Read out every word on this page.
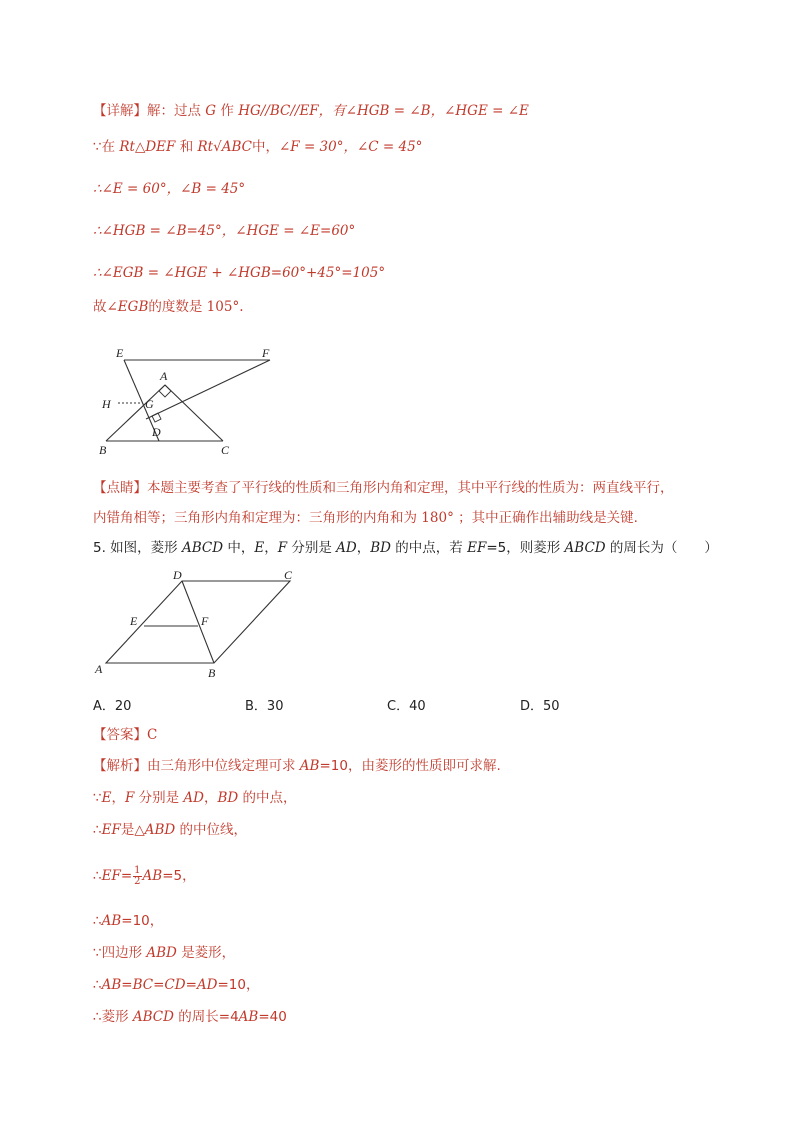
【详解】解：过点 G 作 HG//BC//EF，有∠HGB = ∠B，∠HGE = ∠E
∵在 Rt△DEF 和 Rt√ABC中，∠F = 30°，∠C = 45°
∴∠E = 60°，∠B = 45°
∴∠HGB = ∠B=45°，∠HGE = ∠E=60°
∴∠EGB = ∠HGE + ∠HGB=60°+45°=105°
故∠EGB的度数是 105°.
E	F
A
H	G
D
B	C
【点睛】本题主要考查了平行线的性质和三角形内角和定理，其中平行线的性质为：两直线平行，
内错角相等；三角形内角和定理为：三角形的内角和为 180° ；其中正确作出辅助线是关键.
5. 如图，菱形 ABCD 中，E，F 分别是 AD，BD 的中点，若 EF=5，则菱形 ABCD 的周长为（　　）
D	C
E	F
A	B
A．20	B．30	C．40	D．50
【答案】C
【解析】由三角形中位线定理可求 AB=10，由菱形的性质即可求解.
∵E，F 分别是 AD，BD 的中点，
∴EF是△ABD 的中位线，
∴EF= $\frac{1}{2} AB=5$，
∴AB=10，
∵四边形 ABD 是菱形，
∴AB=BC=CD=AD=10，
∴菱形 ABCD 的周长=4AB=40
